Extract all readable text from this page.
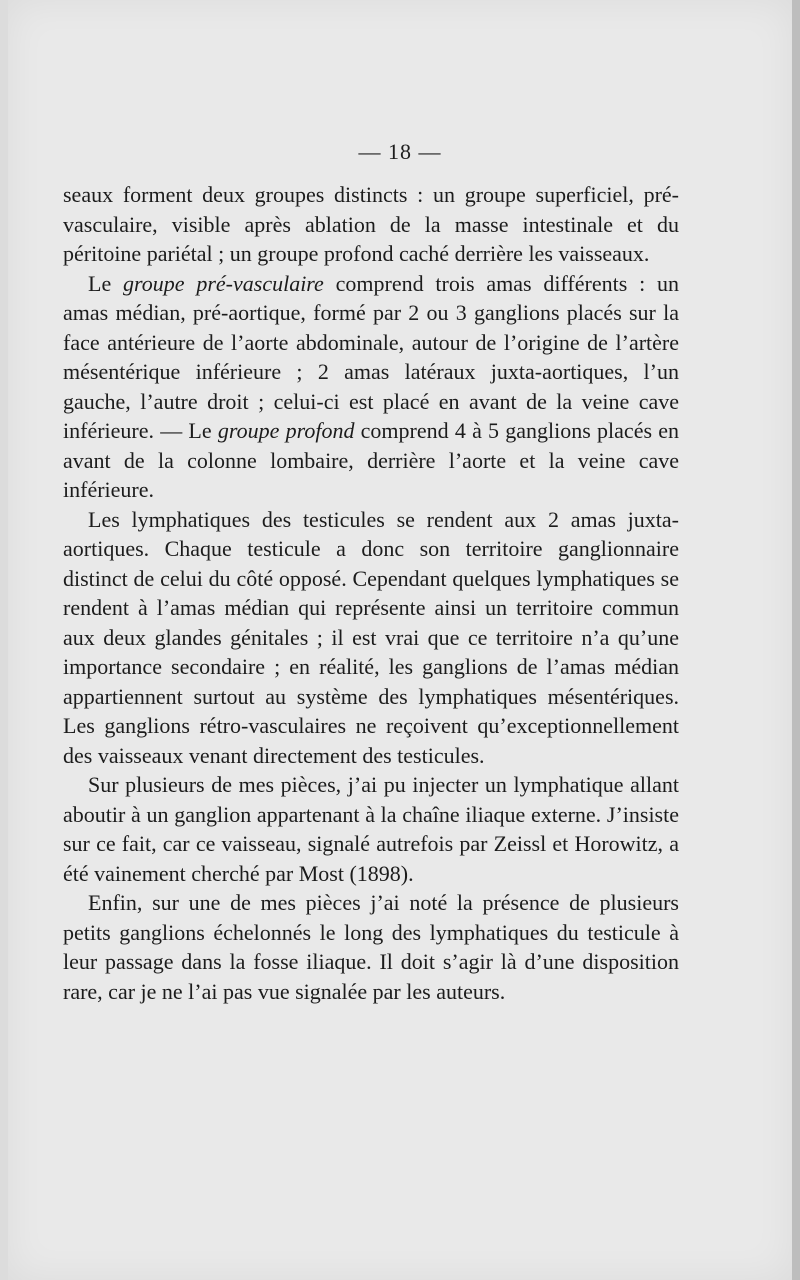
— 18 —

seaux forment deux groupes distincts : un groupe superficiel, pré-vasculaire, visible après ablation de la masse intestinale et du péritoine pariétal ; un groupe profond caché derrière les vaisseaux.

Le groupe pré-vasculaire comprend trois amas différents : un amas médian, pré-aortique, formé par 2 ou 3 ganglions placés sur la face antérieure de l’aorte abdominale, autour de l’origine de l’artère mésentérique inférieure ; 2 amas latéraux juxta-aortiques, l’un gauche, l’autre droit ; celui-ci est placé en avant de la veine cave inférieure. — Le groupe profond comprend 4 à 5 ganglions placés en avant de la colonne lombaire, derrière l’aorte et la veine cave inférieure.

Les lymphatiques des testicules se rendent aux 2 amas juxta-aortiques. Chaque testicule a donc son territoire ganglionnaire distinct de celui du côté opposé. Cependant quelques lymphatiques se rendent à l’amas médian qui représente ainsi un territoire commun aux deux glandes génitales ; il est vrai que ce territoire n’a qu’une importance secondaire ; en réalité, les ganglions de l’amas médian appartiennent surtout au système des lymphatiques mésentériques. Les ganglions rétro-vasculaires ne reçoivent qu’exceptionnellement des vaisseaux venant directement des testicules.

Sur plusieurs de mes pièces, j’ai pu injecter un lymphatique allant aboutir à un ganglion appartenant à la chaîne iliaque externe. J’insiste sur ce fait, car ce vaisseau, signalé autrefois par Zeissl et Horowitz, a été vainement cherché par Most (1898).

Enfin, sur une de mes pièces j’ai noté la présence de plusieurs petits ganglions échelonnés le long des lymphatiques du testicule à leur passage dans la fosse iliaque. Il doit s’agir là d’une disposition rare, car je ne l’ai pas vue signalée par les auteurs.
